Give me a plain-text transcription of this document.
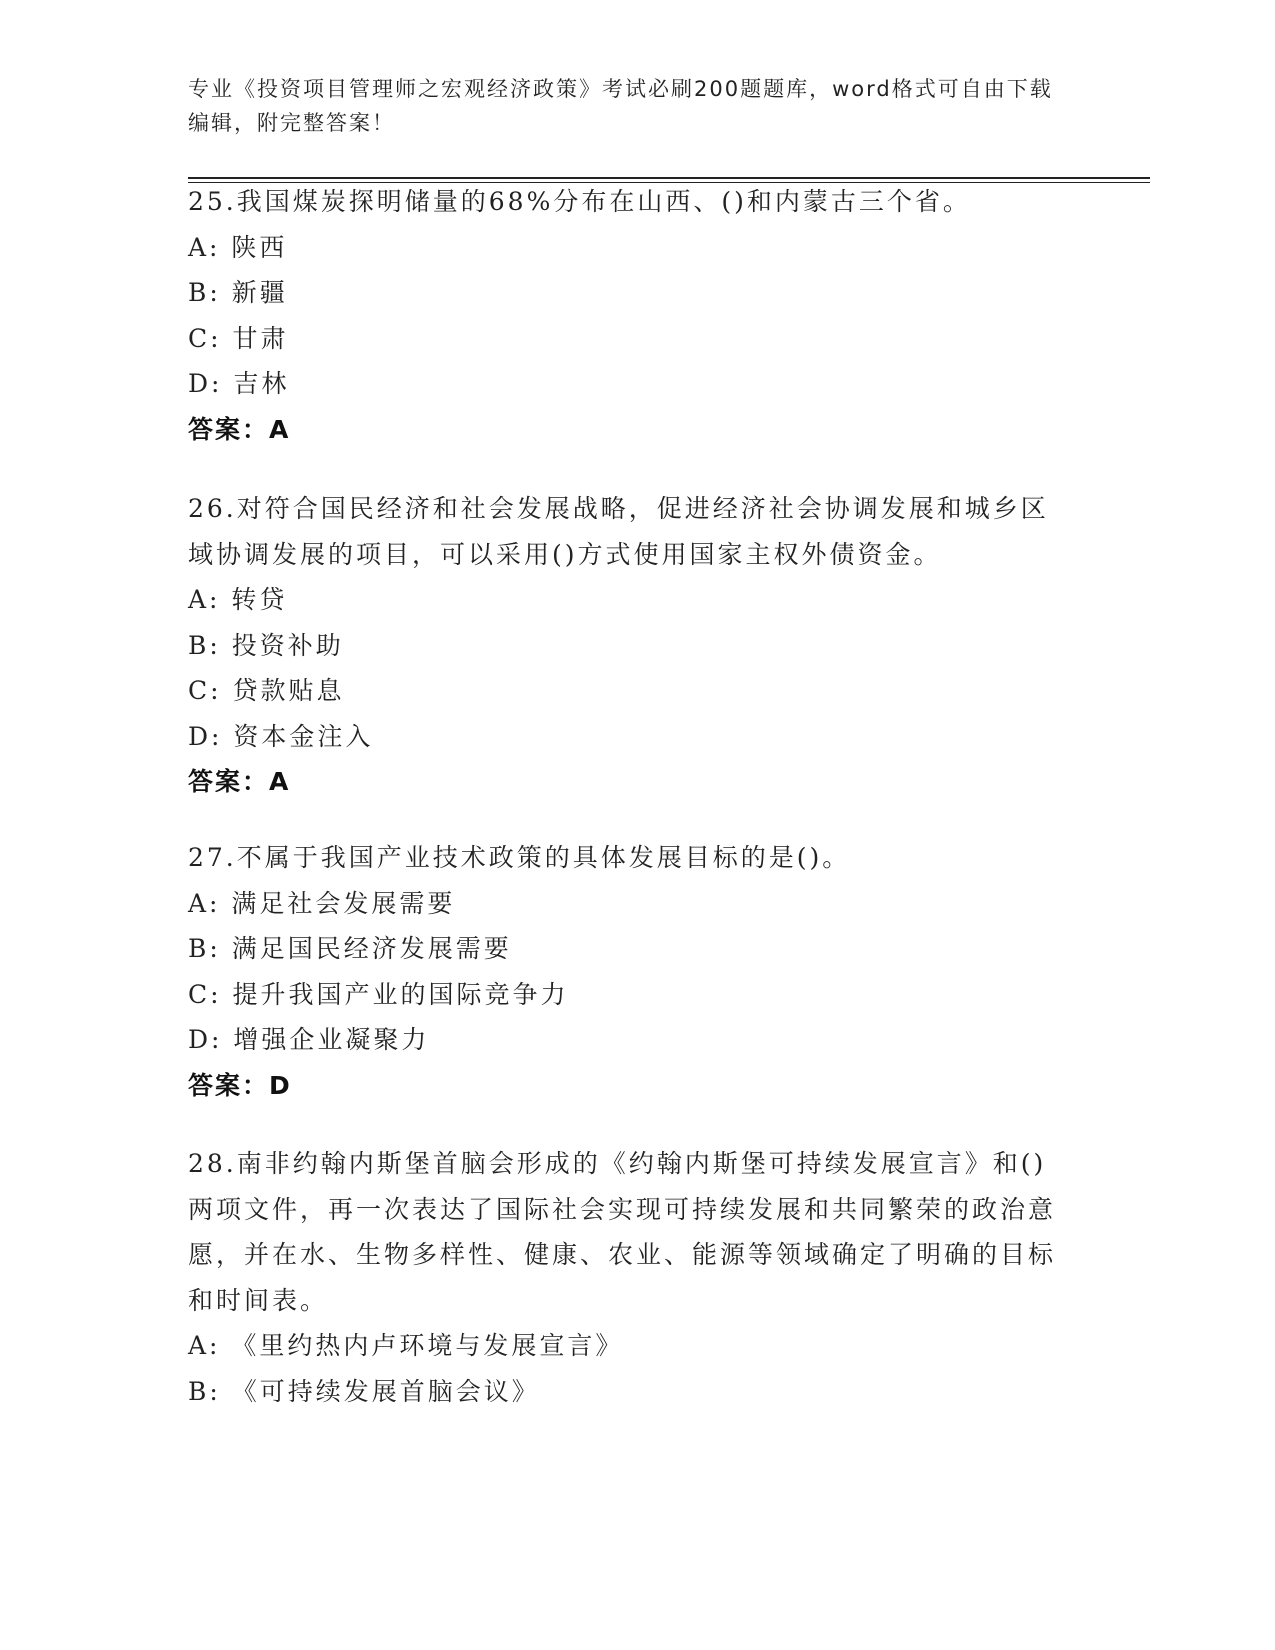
专业《投资项目管理师之宏观经济政策》考试必刷200题题库，word格式可自由下载编辑，附完整答案！
25.我国煤炭探明储量的68%分布在山西、()和内蒙古三个省。
A: 陕西
B: 新疆
C: 甘肃
D: 吉林
答案：A
26.对符合国民经济和社会发展战略，促进经济社会协调发展和城乡区域协调发展的项目，可以采用()方式使用国家主权外债资金。
A: 转贷
B: 投资补助
C: 贷款贴息
D: 资本金注入
答案：A
27.不属于我国产业技术政策的具体发展目标的是()。
A: 满足社会发展需要
B: 满足国民经济发展需要
C: 提升我国产业的国际竞争力
D: 增强企业凝聚力
答案：D
28.南非约翰内斯堡首脑会形成的《约翰内斯堡可持续发展宣言》和()两项文件，再一次表达了国际社会实现可持续发展和共同繁荣的政治意愿，并在水、生物多样性、健康、农业、能源等领域确定了明确的目标和时间表。
A: 《里约热内卢环境与发展宣言》
B: 《可持续发展首脑会议》
